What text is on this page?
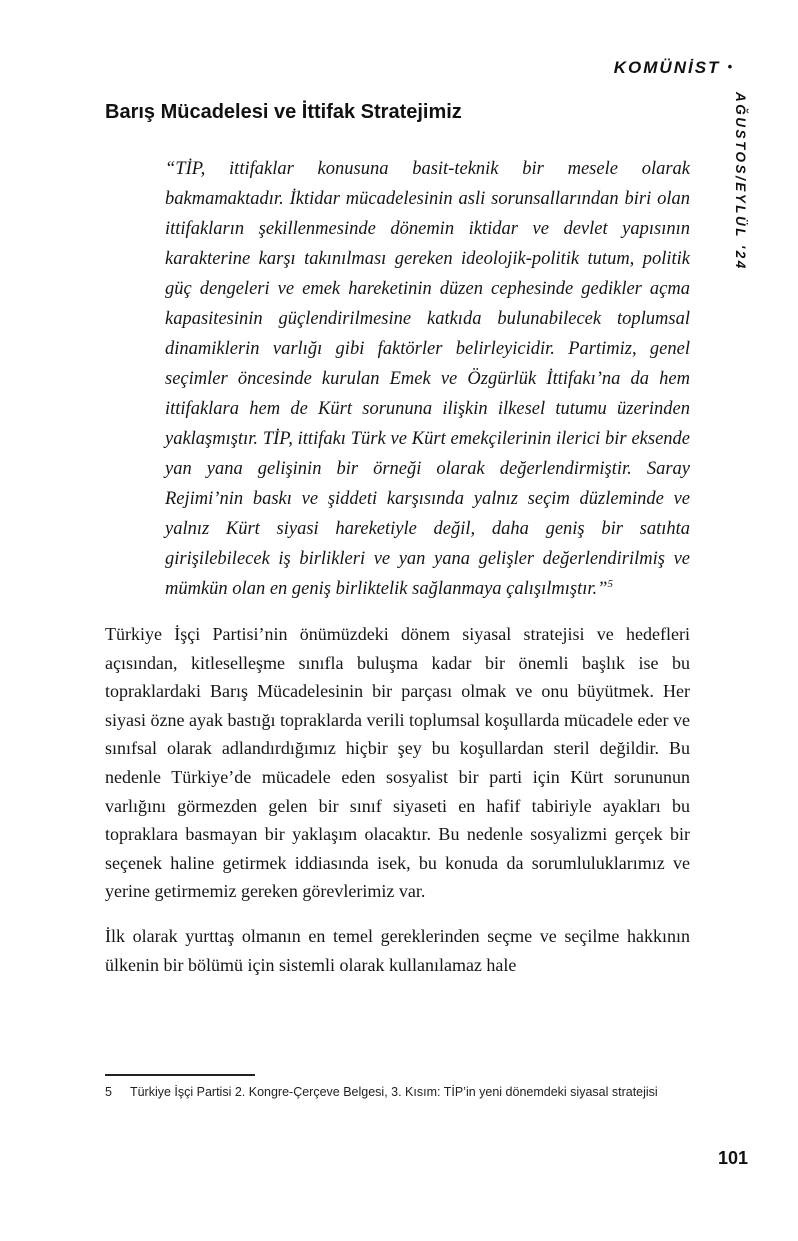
KOMÜNİST •
AĞUSTOS/EYLÜL '24
Barış Mücadelesi ve İttifak Stratejimiz
“TİP, ittifaklar konusuna basit-teknik bir mesele olarak bakmamaktadır. İktidar mücadelesinin asli sorunsallarından biri olan ittifakların şekillenmesinde dönemin iktidar ve devlet yapısının karakterine karşı takınılması gereken ideolojik-politik tutum, politik güç dengeleri ve emek hareketinin düzen cephesinde gedikler açma kapasitesinin güçlendirilmesine katkıda bulunabilecek toplumsal dinamiklerin varlığı gibi faktörler belirleyicidir. Partimiz, genel seçimler öncesinde kurulan Emek ve Özgürlük İttifakı’na da hem ittifaklara hem de Kürt sorununa ilişkin ilkesel tutumu üzerinden yaklaşmıştır. TİP, ittifakı Türk ve Kürt emekçilerinin ilerici bir eksende yan yana gelişinin bir örneği olarak değerlendirmiştir. Saray Rejimi’nin baskı ve şiddeti karşısında yalnız seçim düzleminde ve yalnız Kürt siyasi hareketiyle değil, daha geniş bir satıhta girişilebilecek iş birlikleri ve yan yana gelişler değerlendirilmiş ve mümkün olan en geniş birliktelik sağlanmaya çalışılmıştır.”$^5$

Türkiye İşçi Partisi’nin önümüzdeki dönem siyasal stratejisi ve hedefleri açısından, kitleselleşme sınıfla buluşma kadar bir önemli başlık ise bu topraklardaki Barış Mücadelesinin bir parçası olmak ve onu büyütmek. Her siyasi özne ayak bastığı topraklarda verili toplumsal koşullarda mücadele eder ve sınıfsal olarak adlandırdığımız hiçbir şey bu koşullardan steril değildir. Bu nedenle Türkiye’de mücadele eden sosyalist bir parti için Kürt sorununun varlığını görmezden gelen bir sınıf siyaseti en hafif tabiriyle ayakları bu topraklara basmayan bir yaklaşım olacaktır. Bu nedenle sosyalizmi gerçek bir seçenek haline getirmek iddiasında isek, bu konuda da sorumluluklarımız ve yerine getirmemiz gereken görevlerimiz var.

İlk olarak yurttaş olmanın en temel gereklerinden seçme ve seçilme hakkının ülkenin bir bölümü için sistemli olarak kullanılamaz hale

5 Türkiye İşçi Partisi 2. Kongre-Çerçeve Belgesi, 3. Kısım: TİP’in yeni dönemdeki siyasal stratejisi

101
